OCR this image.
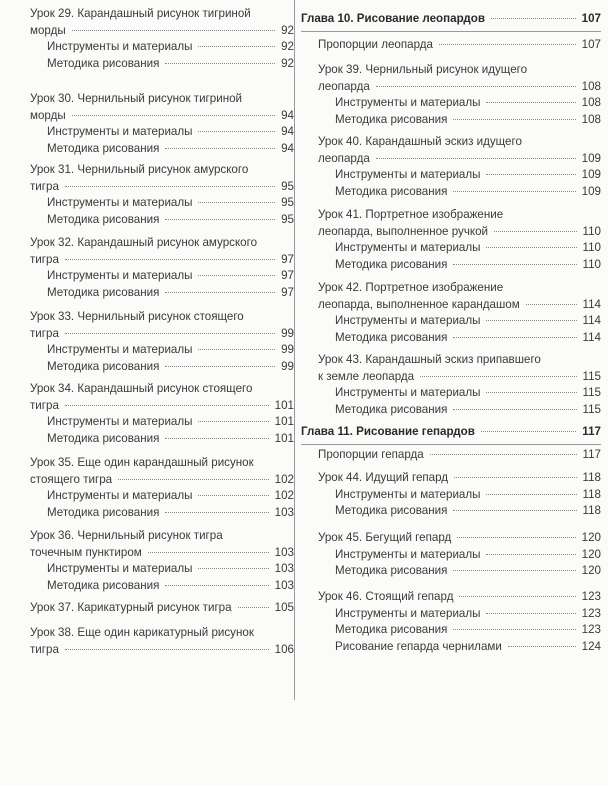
Урок 29. Карандашный рисунок тигриной
морды	92
Инструменты и материалы	92
Методика рисования	92
Урок 30. Чернильный рисунок тигриной
морды	94
Инструменты и материалы	94
Методика рисования	94
Урок 31. Чернильный рисунок амурского
тигра	95
Инструменты и материалы	95
Методика рисования	95
Урок 32. Карандашный рисунок амурского
тигра	97
Инструменты и материалы	97
Методика рисования	97
Урок 33. Чернильный рисунок стоящего
тигра	99
Инструменты и материалы	99
Методика рисования	99
Урок 34. Карандашный рисунок стоящего
тигра	101
Инструменты и материалы	101
Методика рисования	101
Урок 35. Еще один карандашный рисунок
стоящего тигра	102
Инструменты и материалы	102
Методика рисования	103
Урок 36. Чернильный рисунок тигра
точечным пунктиром	103
Инструменты и материалы	103
Методика рисования	103
Урок 37. Карикатурный рисунок тигра	105
Урок 38. Еще один карикатурный рисунок
тигра	106
Глава 10. Рисование леопардов	107
Пропорции леопарда	107
Урок 39. Чернильный рисунок идущего
леопарда	108
Инструменты и материалы	108
Методика рисования	108
Урок 40. Карандашный эскиз идущего
леопарда	109
Инструменты и материалы	109
Методика рисования	109
Урок 41. Портретное изображение
леопарда, выполненное ручкой	110
Инструменты и материалы	110
Методика рисования	110
Урок 42. Портретное изображение
леопарда, выполненное карандашом	114
Инструменты и материалы	114
Методика рисования	114
Урок 43. Карандашный эскиз припавшего
к земле леопарда	115
Инструменты и материалы	115
Методика рисования	115
Глава 11. Рисование гепардов	117
Пропорции гепарда	117
Урок 44. Идущий гепард	118
Инструменты и материалы	118
Методика рисования	118
Урок 45. Бегущий гепард	120
Инструменты и материалы	120
Методика рисования	120
Урок 46. Стоящий гепард	123
Инструменты и материалы	123
Методика рисования	123
Рисование гепарда чернилами	124
